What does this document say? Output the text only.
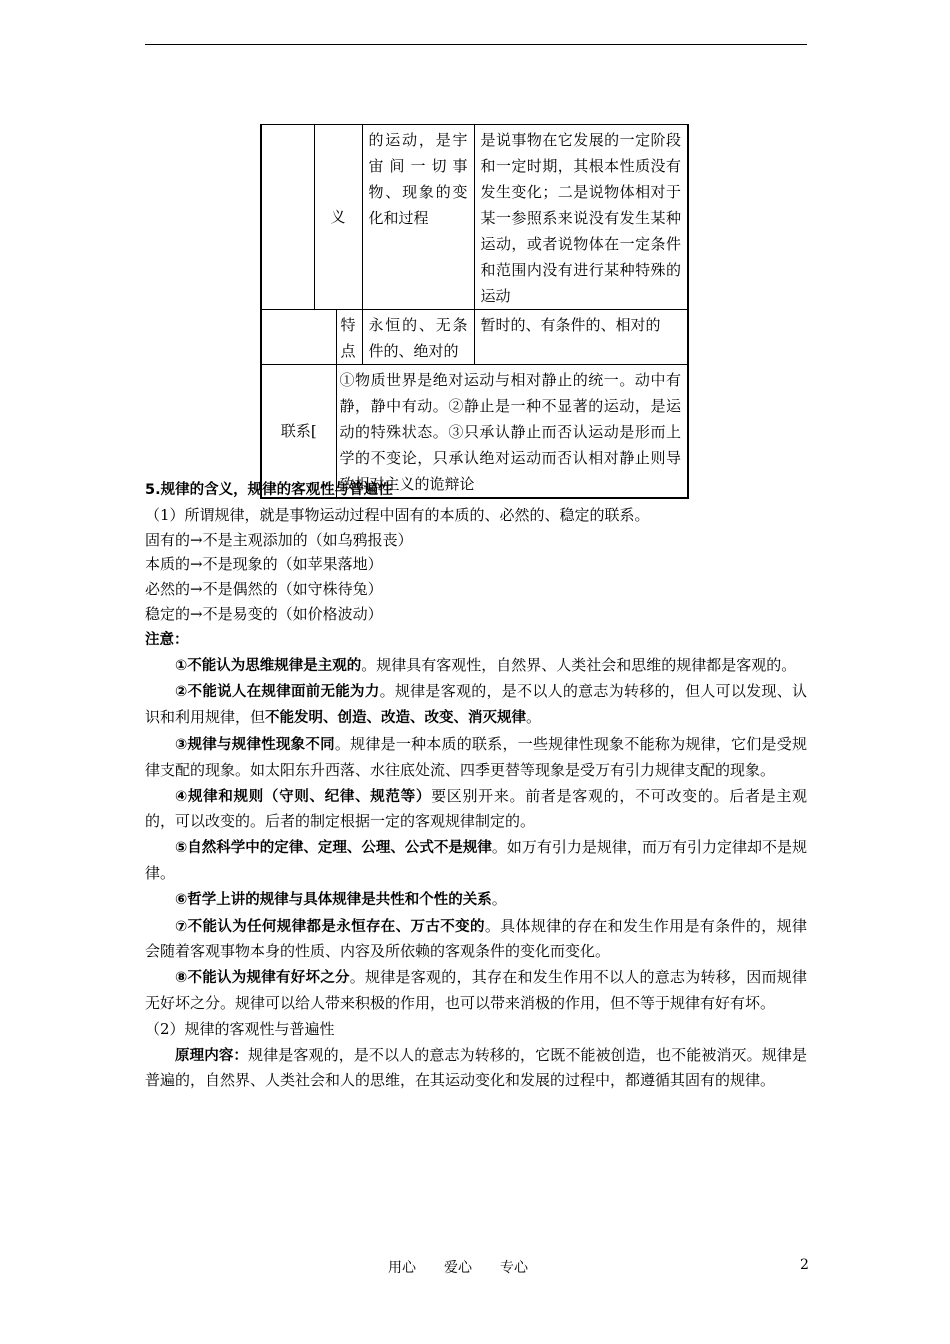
	义		的运动，是宇宙间一切事物、现象的变化和过程	是说事物在它发展的一定阶段和一定时期，其根本性质没有发生变化；二是说物体相对于某一参照系来说没有发生某种运动，或者说物体在一定条件和范围内没有进行某种特殊的运动

		特点	永恒的、无条件的、绝对的	暂时的、有条件的、相对的

联系[		①物质世界是绝对运动与相对静止的统一。动中有静，静中有动。②静止是一种不显著的运动，是运动的特殊状态。③只承认静止而否认运动是形而上学的不变论，只承认绝对运动而否认相对静止则导致相对主义的诡辩论		

5.规律的含义，规律的客观性与普遍性

（1）所谓规律，就是事物运动过程中固有的本质的、必然的、稳定的联系。

固有的→不是主观添加的（如乌鸦报丧）

本质的→不是现象的（如苹果落地）

必然的→不是偶然的（如守株待兔）

稳定的→不是易变的（如价格波动）

注意：

①不能认为思维规律是主观的。规律具有客观性，自然界、人类社会和思维的规律都是客观的。

②不能说人在规律面前无能为力。规律是客观的，是不以人的意志为转移的，但人可以发现、认识和利用规律，但不能发明、创造、改造、改变、消灭规律。

③规律与规律性现象不同。规律是一种本质的联系，一些规律性现象不能称为规律，它们是受规律支配的现象。如太阳东升西落、水往底处流、四季更替等现象是受万有引力规律支配的现象。

④规律和规则（守则、纪律、规范等）要区别开来。前者是客观的，不可改变的。后者是主观的，可以改变的。后者的制定根据一定的客观规律制定的。

⑤自然科学中的定律、定理、公理、公式不是规律。如万有引力是规律，而万有引力定律却不是规律。

⑥哲学上讲的规律与具体规律是共性和个性的关系。

⑦不能认为任何规律都是永恒存在、万古不变的。具体规律的存在和发生作用是有条件的，规律会随着客观事物本身的性质、内容及所依赖的客观条件的变化而变化。

⑧不能认为规律有好坏之分。规律是客观的，其存在和发生作用不以人的意志为转移，因而规律无好坏之分。规律可以给人带来积极的作用，也可以带来消极的作用，但不等于规律有好有坏。

（2）规律的客观性与普遍性

原理内容：规律是客观的，是不以人的意志为转移的，它既不能被创造，也不能被消灭。规律是普遍的，自然界、人类社会和人的思维，在其运动变化和发展的过程中，都遵循其固有的规律。

用心　　爱心　　专心	2
